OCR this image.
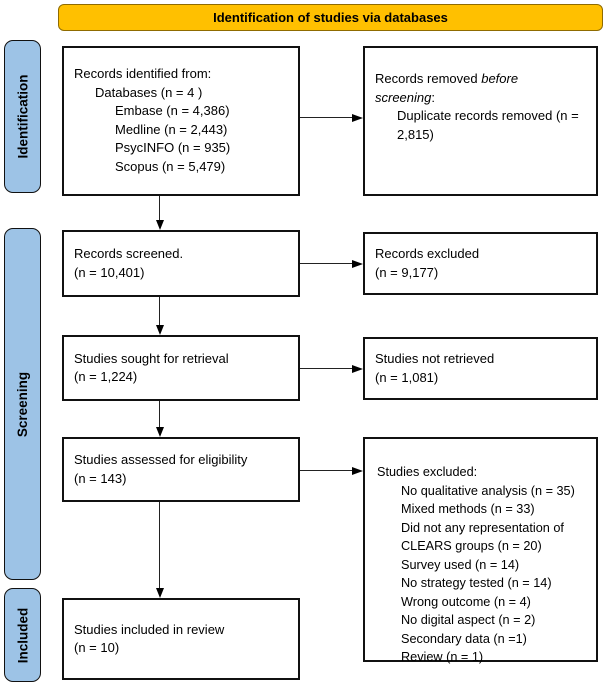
Identification of studies via databases
Identification
Screening
Included
Records identified from:
Databases (n = 4 )
Embase (n = 4,386)
Medline (n = 2,443)
PsycINFO (n = 935)
Scopus (n = 5,479)
Records removed before screening:
Duplicate records removed (n = 2,815)
Records screened.
(n = 10,401)
Records excluded
(n = 9,177)
Studies sought for retrieval
(n = 1,224)
Studies not retrieved
(n = 1,081)
Studies assessed for eligibility
(n = 143)	Studies excluded:
No qualitative analysis (n = 35)
Mixed methods (n = 33)
Did not any representation of CLEARS groups (n = 20)
Survey used (n = 14)
No strategy tested (n = 14)
Wrong outcome (n = 4)
No digital aspect (n = 2)
Secondary data (n =1)
Review (n = 1)
Studies included in review
(n = 10)
